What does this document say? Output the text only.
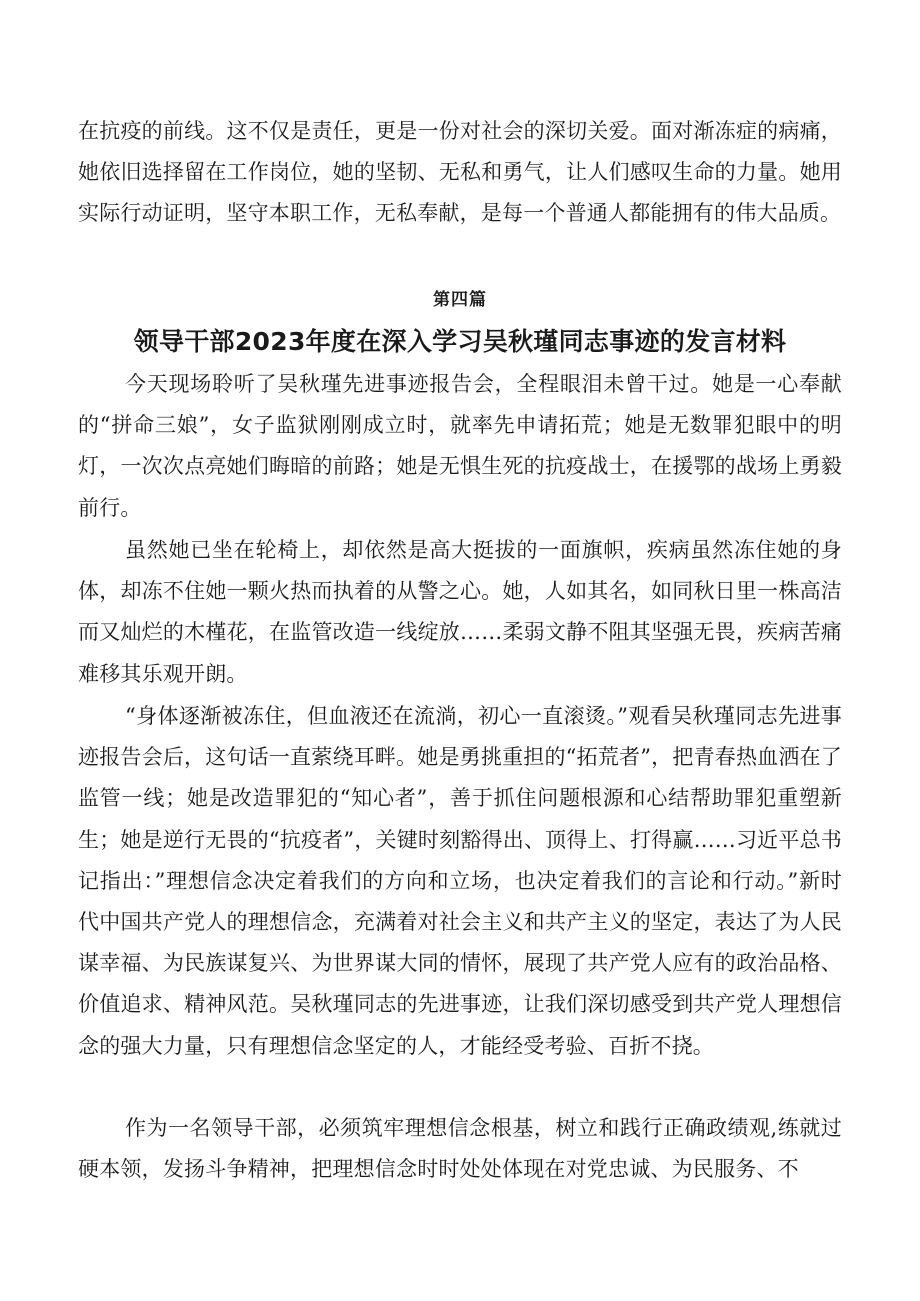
在抗疫的前线。这不仅是责任，更是一份对社会的深切关爱。面对渐冻症的病痛，她依旧选择留在工作岗位，她的坚韧、无私和勇气，让人们感叹生命的力量。她用实际行动证明，坚守本职工作，无私奉献，是每一个普通人都能拥有的伟大品质。

第四篇

领导干部2023年度在深入学习吴秋瑾同志事迹的发言材料

今天现场聆听了吴秋瑾先进事迹报告会，全程眼泪未曾干过。她是一心奉献的“拼命三娘”，女子监狱刚刚成立时，就率先申请拓荒；她是无数罪犯眼中的明灯，一次次点亮她们晦暗的前路；她是无惧生死的抗疫战士，在援鄂的战场上勇毅前行。

虽然她已坐在轮椅上，却依然是高大挺拔的一面旗帜，疾病虽然冻住她的身体，却冻不住她一颗火热而执着的从警之心。她，人如其名，如同秋日里一株高洁而又灿烂的木槿花，在监管改造一线绽放……柔弱文静不阻其坚强无畏，疾病苦痛难移其乐观开朗。

“身体逐渐被冻住，但血液还在流淌，初心一直滚烫。”观看吴秋瑾同志先进事迹报告会后，这句话一直萦绕耳畔。她是勇挑重担的“拓荒者”，把青春热血洒在了监管一线；她是改造罪犯的“知心者”，善于抓住问题根源和心结帮助罪犯重塑新生；她是逆行无畏的“抗疫者”，关键时刻豁得出、顶得上、打得赢……习近平总书记指出：”理想信念决定着我们的方向和立场，也决定着我们的言论和行动。”新时代中国共产党人的理想信念，充满着对社会主义和共产主义的坚定，表达了为人民谋幸福、为民族谋复兴、为世界谋大同的情怀，展现了共产党人应有的政治品格、价值追求、精神风范。吴秋瑾同志的先进事迹，让我们深切感受到共产党人理想信念的强大力量，只有理想信念坚定的人，才能经受考验、百折不挠。

作为一名领导干部，必须筑牢理想信念根基，树立和践行正确政绩观,练就过硬本领，发扬斗争精神，把理想信念时时处处体现在对党忠诚、为民服务、不
